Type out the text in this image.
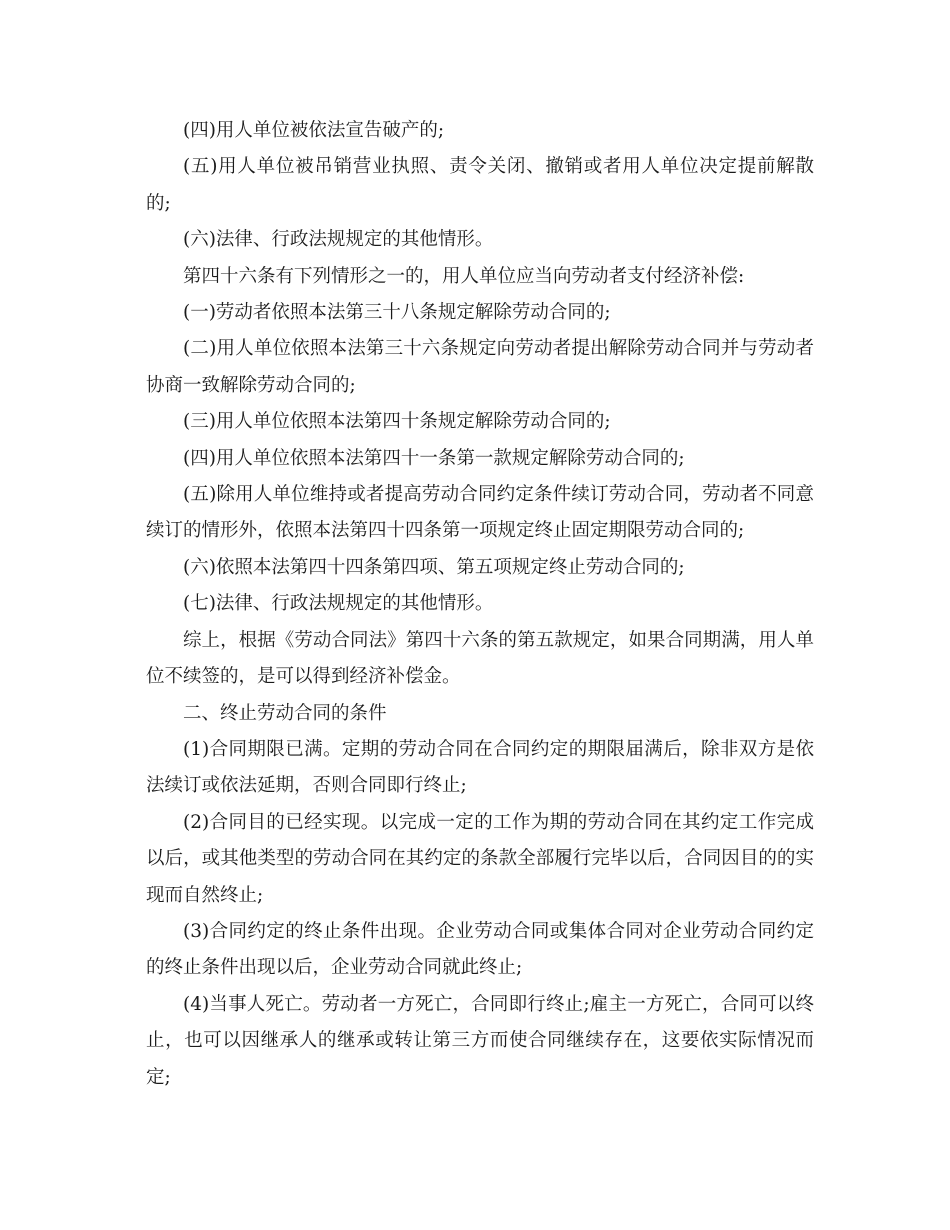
(四)用人单位被依法宣告破产的;

(五)用人单位被吊销营业执照、责令关闭、撤销或者用人单位决定提前解散的;

(六)法律、行政法规规定的其他情形。

第四十六条有下列情形之一的，用人单位应当向劳动者支付经济补偿:

(一)劳动者依照本法第三十八条规定解除劳动合同的;

(二)用人单位依照本法第三十六条规定向劳动者提出解除劳动合同并与劳动者协商一致解除劳动合同的;

(三)用人单位依照本法第四十条规定解除劳动合同的;

(四)用人单位依照本法第四十一条第一款规定解除劳动合同的;

(五)除用人单位维持或者提高劳动合同约定条件续订劳动合同，劳动者不同意续订的情形外，依照本法第四十四条第一项规定终止固定期限劳动合同的;

(六)依照本法第四十四条第四项、第五项规定终止劳动合同的;

(七)法律、行政法规规定的其他情形。

综上，根据《劳动合同法》第四十六条的第五款规定，如果合同期满，用人单位不续签的，是可以得到经济补偿金。

二、终止劳动合同的条件

(1)合同期限已满。定期的劳动合同在合同约定的期限届满后，除非双方是依法续订或依法延期，否则合同即行终止;

(2)合同目的已经实现。以完成一定的工作为期的劳动合同在其约定工作完成以后，或其他类型的劳动合同在其约定的条款全部履行完毕以后，合同因目的的实现而自然终止;

(3)合同约定的终止条件出现。企业劳动合同或集体合同对企业劳动合同约定的终止条件出现以后，企业劳动合同就此终止;

(4)当事人死亡。劳动者一方死亡，合同即行终止;雇主一方死亡，合同可以终止，也可以因继承人的继承或转让第三方而使合同继续存在，这要依实际情况而定;
